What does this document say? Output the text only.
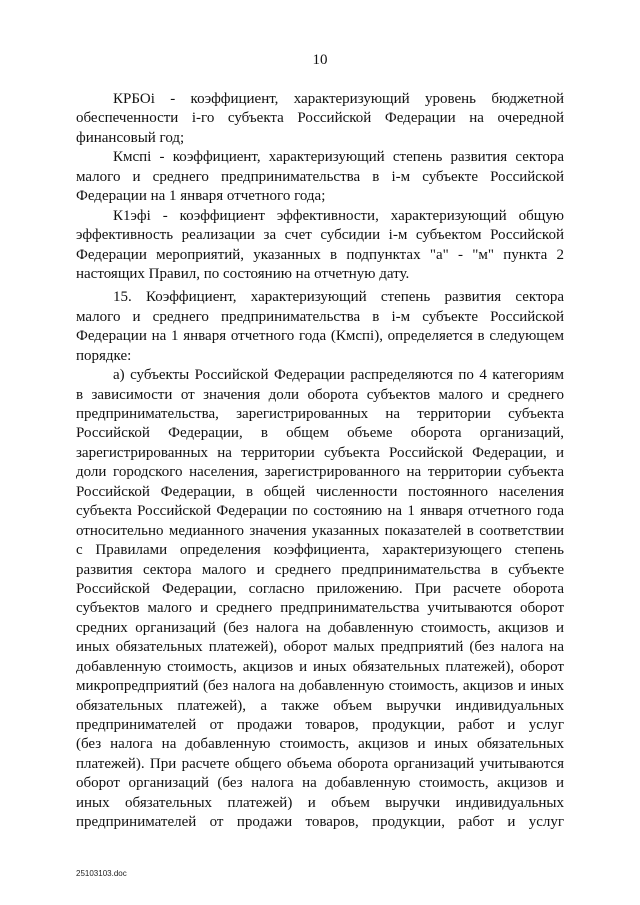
10
КРБОi - коэффициент, характеризующий уровень бюджетной
обеспеченности i-го субъекта Российской Федерации на очередной
финансовый год;
Кмспi - коэффициент, характеризующий степень развития сектора
малого и среднего предпринимательства в i-м субъекте Российской
Федерации на 1 января отчетного года;
К1эфi - коэффициент эффективности, характеризующий общую
эффективность реализации за счет субсидии i-м субъектом Российской
Федерации мероприятий, указанных в подпунктах "а" - "м" пункта 2
настоящих Правил, по состоянию на отчетную дату.
15. Коэффициент, характеризующий степень развития сектора
малого и среднего предпринимательства в i-м субъекте Российской
Федерации на 1 января отчетного года (Кмспi), определяется в следующем
порядке:
а) субъекты Российской Федерации распределяются по 4 категориям
в зависимости от значения доли оборота субъектов малого и среднего
предпринимательства, зарегистрированных на территории субъекта
Российской Федерации, в общем объеме оборота организаций,
зарегистрированных на территории субъекта Российской Федерации, и
доли городского населения, зарегистрированного на территории субъекта
Российской Федерации, в общей численности постоянного населения
субъекта Российской Федерации по состоянию на 1 января отчетного года
относительно медианного значения указанных показателей в соответствии
с Правилами определения коэффициента, характеризующего степень
развития сектора малого и среднего предпринимательства в субъекте
Российской Федерации, согласно приложению. При расчете оборота
субъектов малого и среднего предпринимательства учитываются оборот
средних организаций (без налога на добавленную стоимость, акцизов и
иных обязательных платежей), оборот малых предприятий (без налога на
добавленную стоимость, акцизов и иных обязательных платежей), оборот
микропредприятий (без налога на добавленную стоимость, акцизов и иных
обязательных платежей), а также объем выручки индивидуальных
предпринимателей от продажи товаров, продукции, работ и услуг
(без налога на добавленную стоимость, акцизов и иных обязательных
платежей). При расчете общего объема оборота организаций учитываются
оборот организаций (без налога на добавленную стоимость, акцизов и
иных обязательных платежей) и объем выручки индивидуальных
предпринимателей от продажи товаров, продукции, работ и услуг
25103103.doc
